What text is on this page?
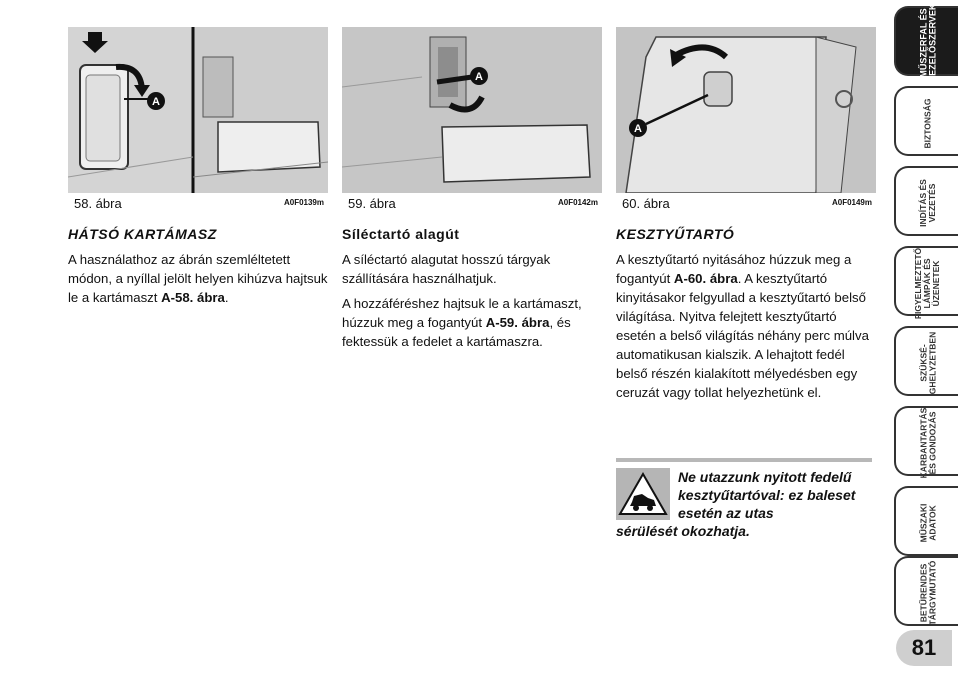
A
58. ábra	A0F0139m
A
59. ábra	A0F0142m
A
60. ábra	A0F0149m
HÁTSÓ KARTÁMASZ

A használathoz az ábrán szemléltetett módon, a nyíllal jelölt helyen kihúzva hajtsuk le a kartámaszt A-58. ábra.

Síléctartó alagút

A síléctartó alagutat hosszú tárgyak szállítására használhatjuk.

A hozzáféréshez hajtsuk le a kartámaszt, húzzuk meg a fogantyút A-59. ábra, és fektessük a fedelet a kartámaszra.

KESZTYŰTARTÓ

A kesztyűtartó nyitásához húzzuk meg a fogantyút A-60. ábra. A kesztyűtartó kinyitásakor felgyullad a kesztyűtartó belső világítása. Nyitva felejtett kesztyűtartó esetén a belső világítás néhány perc múlva automatikusan kialszik. A lehajtott fedél belső részén kialakított mélyedésben egy ceruzát vagy tollat helyezhetünk el.

Ne utazzunk nyitott fedelű kesztyűtartóval: ez baleset esetén az utas
sérülését okozhatja.
MŰSZERFAL ÉS
KEZELŐSZERVEK
BIZTONSÁG
INDÍTÁS ÉS
VEZETÉS
FIGYELMEZTETŐ
LÁMPÁK ÉS
ÜZENETEK
SZÜKSÉ-
GHELYZETBEN
KARBANTARTÁS
ÉS GONDOZÁS
MŰSZAKI
ADATOK
BETŰRENDES
TÁRGYMUTATÓ
81
